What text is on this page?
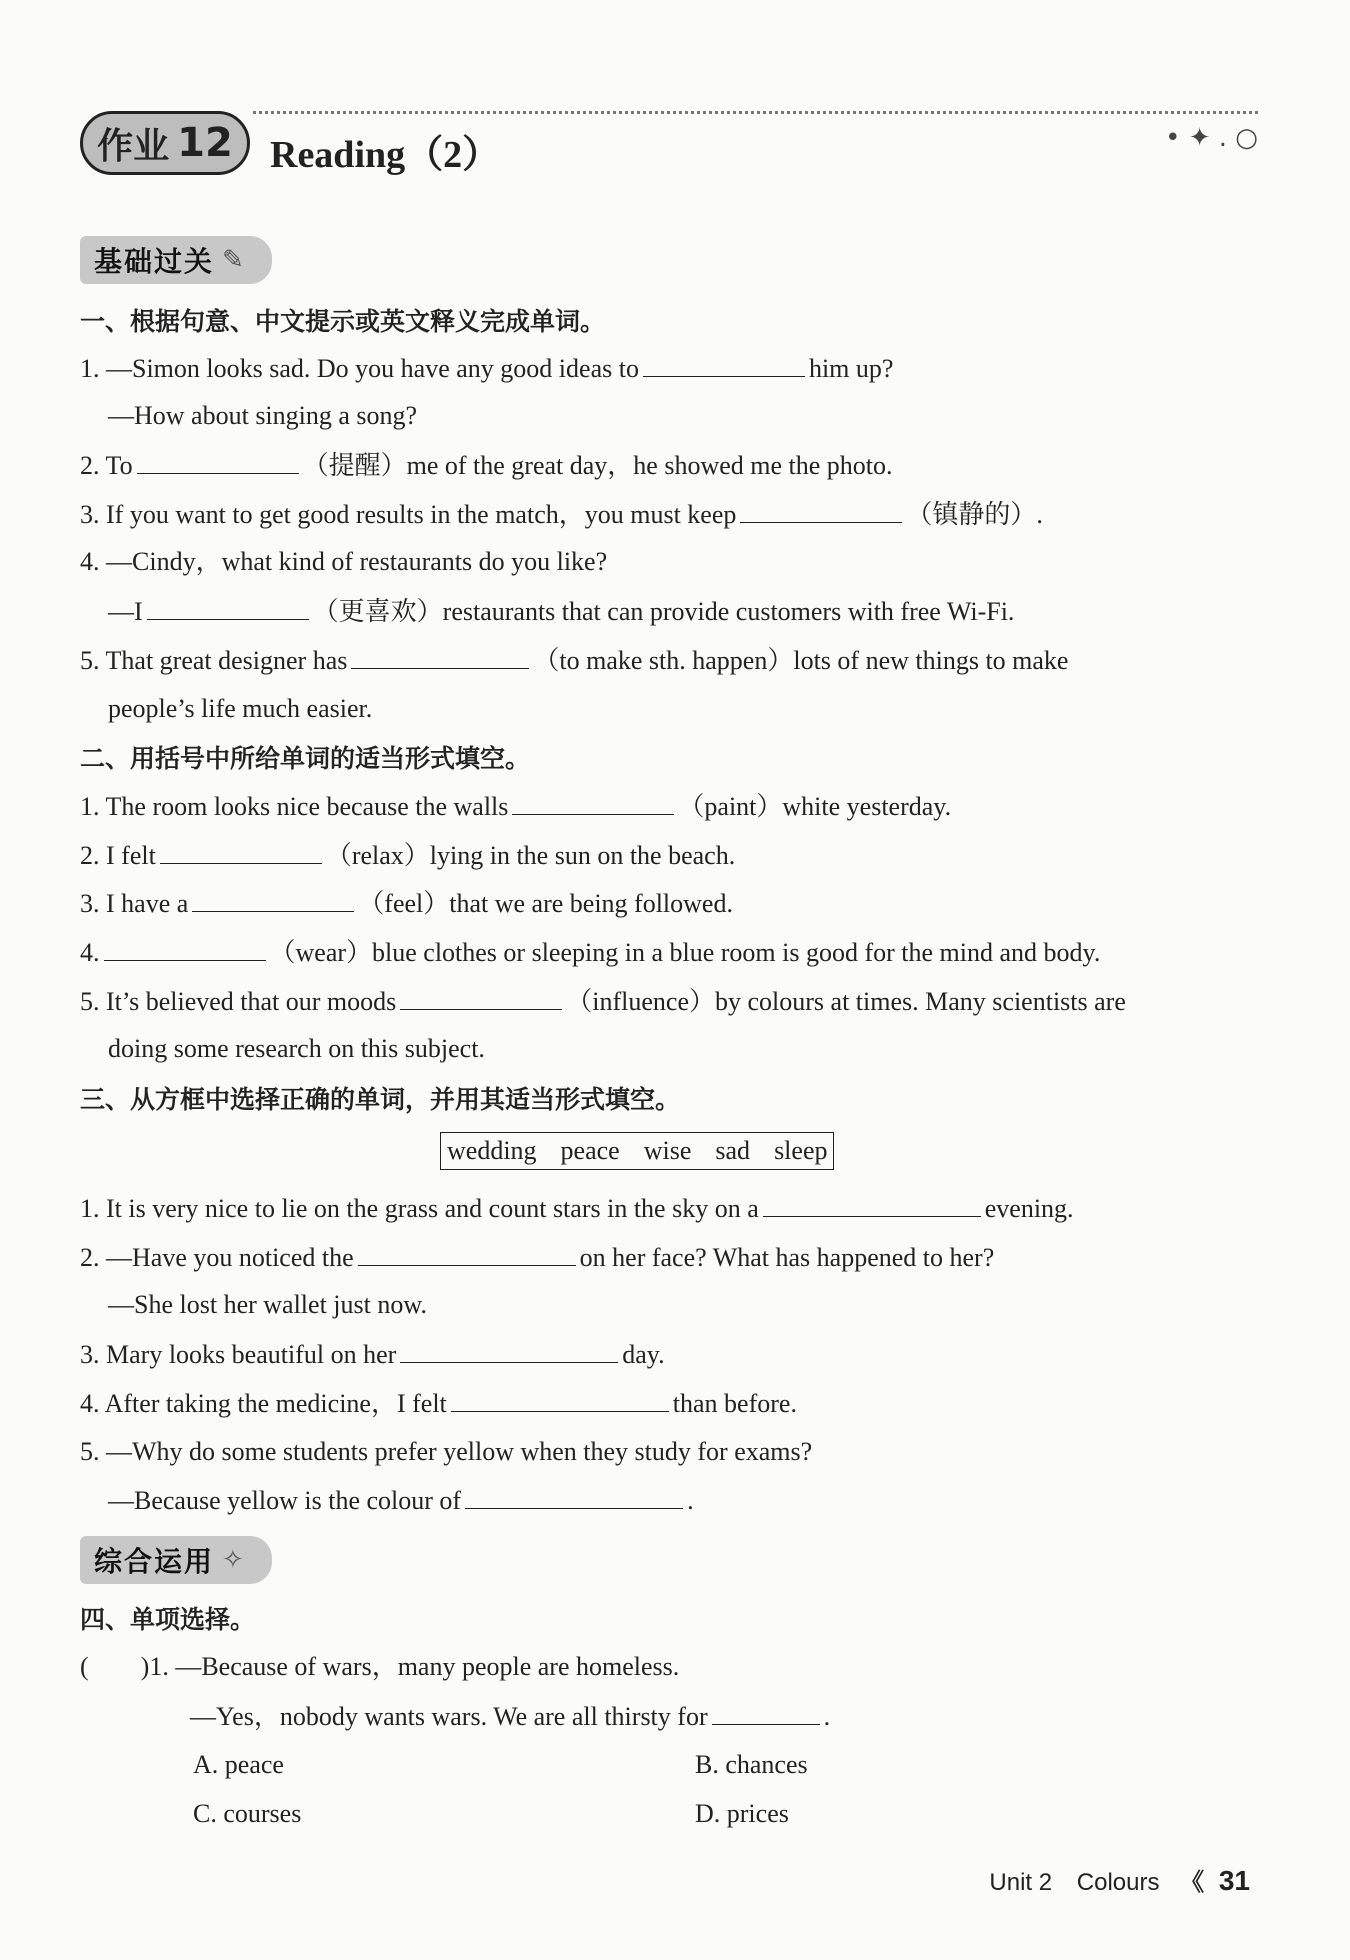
作业 12 Reading（2）	• ✦ . ○
基础过关 ✎
一、根据句意、中文提示或英文释义完成单词。
1. —Simon looks sad. Do you have any good ideas to	him up?
—How about singing a song?
2. To	（提醒）me of the great day，he showed me the photo.
3. If you want to get good results in the match，you must keep	（镇静的）.
4. —Cindy，what kind of restaurants do you like?
—I	（更喜欢）restaurants that can provide customers with free Wi-Fi.
5. That great designer has	（to make sth. happen）lots of new things to make
people’s life much easier.
二、用括号中所给单词的适当形式填空。
1. The room looks nice because the walls	（paint）white yesterday.
2. I felt	（relax）lying in the sun on the beach.
3. I have a	（feel）that we are being followed.
4.	（wear）blue clothes or sleeping in a blue room is good for the mind and body.
5. It’s believed that our moods	（influence）by colours at times. Many scientists are
doing some research on this subject.
三、从方框中选择正确的单词，并用其适当形式填空。
wedding peace wise sad sleep
1. It is very nice to lie on the grass and count stars in the sky on a	evening.
2. —Have you noticed the	on her face? What has happened to her?
—She lost her wallet just now.
3. Mary looks beautiful on her	day.
4. After taking the medicine，I felt	than before.
5. —Why do some students prefer yellow when they study for exams?
—Because yellow is the colour of	.
综合运用 ✧
四、单项选择。
(　　)1. —Because of wars，many people are homeless.
—Yes，nobody wants wars. We are all thirsty for	.
A. peace	B. chances
C. courses	D. prices
Unit 2 Colours 《 31
